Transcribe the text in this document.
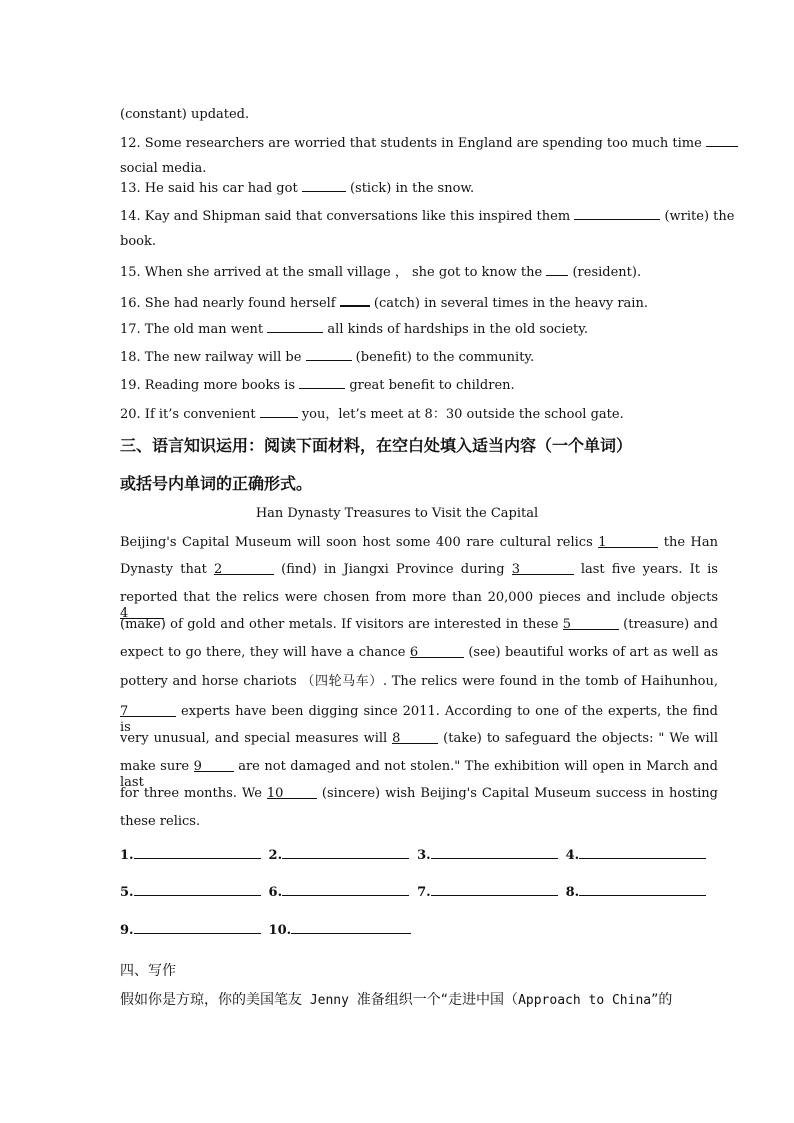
(constant) updated.
12. Some researchers are worried that students in England are spending too much time
social media.
13. He said his car had got	(stick) in the snow.
14. Kay and Shipman said that conversations like this inspired them	(write) the
book.
15. When she arrived at the small village ， she got to know the (resident).
16. She had nearly found herself	(catch) in several times in the heavy rain.
17. The old man went	all kinds of hardships in the old society.
18. The new railway will be	(benefit) to the community.
19. Reading more books is	great benefit to children.
20. If it’s convenient	you，let’s meet at 8：30 outside the school gate.
三、语言知识运用：阅读下面材料，在空白处填入适当内容（一个单词）
或括号内单词的正确形式。
Han Dynasty Treasures to Visit the Capital
Beijing's Capital Museum will soon host some 400 rare cultural relics 1	the Han
Dynasty that 2	(find) in Jiangxi Province during 3	last five years. It is
reported that the relics were chosen from more than 20,000 pieces and include objects 4
(make) of gold and other metals. If visitors are interested in these 5	(treasure) and
expect to go there, they will have a chance 6	(see) beautiful works of art as well as
pottery and horse chariots （四轮马车）. The relics were found in the tomb of Haihunhou,
7	experts have been digging since 2011. According to one of the experts, the find is
very unusual, and special measures will 8	(take) to safeguard the objects: " We will
make sure 9	are not damaged and not stolen." The exhibition will open in March and last
for three months. We 10	(sincere) wish Beijing's Capital Museum success in hosting
these relics.
1.	2.	3.	4.
5.	6.	7.	8.
9.	10.
四、写作
假如你是方琼，你的美国笔友 Jenny 准备组织一个“走进中国（Approach to China”的
